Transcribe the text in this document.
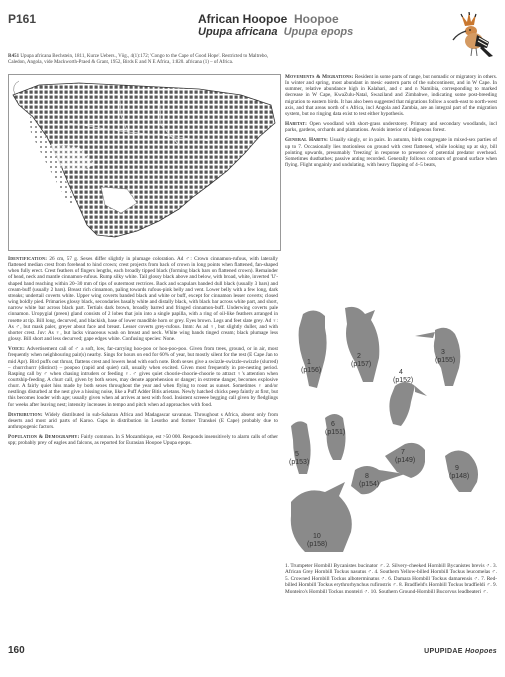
P161	African Hoopoe Hoopoe
Upupa africana Upupa epops
R451 Upupa africana Bechstein, 1811, Kurze Uebers., Vög., 4(1):172; 'Congo to the Cape of Good Hope'. Restricted to Maltrebo, Caledon, Angola, vide Mackworth-Praed & Grant, 1952, Birds E and N E Africa, 1:820. africana (1) – of Africa.

Identification: 26 cm, 57 g. Sexes differ slightly in plumage coloration. Ad ♂: Crown cinnamon-rufous, with laterally flattened median crest from forehead to hind crown; crest projects from back of crown in long points when flattened, fan-shaped when fully erect. Crest feathers of fingers lengths, each broadly tipped black (forming black bars on flattened crown). Remainder of head, neck and mantle cinnamon-rufous. Rump silky white. Tail glossy black above and below, with broad, white, inverted 'U'-shaped band reaching within 20–30 mm of tips of outermost rectrices. Back and scapulars banded dull black (usually 3 bars) and cream-buff (usually 2 bars). Breast rich cinnamon, paling towards rufous-pink belly and vent. Lower belly with a few long, dark streaks; undertail coverts white. Upper wing coverts banded black and white or buff, except for cinnamon lesser coverts; closed wing boldly pied. Primaries glossy black, secondaries basally white and distally black, with black bar across white part, and short, narrow white bar across black part. Tertials dark brown, broadly barred and fringed cinnamon-buff. Underwing coverts pale cinnamon. Uropygial (preen) gland consists of 2 lobes that join into a single papilla, with a ring of oil-like feathers arranged in rosette at tip. Bill long, decurved, and blackish, base of lower mandible horn or grey. Eyes brown. Legs and feet slate grey. Ad ♀: As ♂, but mask paler, greyer about face and breast. Lesser coverts grey-rufous. Imm: As ad ♀, but slightly duller, and with shorter crest. Juv: As ♀, but lacks vinaceous wash on breast and neck. White wing bands tinged cream; black plumage less glossy. Bill short and less decurved; gape edges white. Confusing species: None.

Voice: Advertisement call of ♂ a soft, low, far-carrying hoo-poo or hoo-poo-poo. Given from trees, ground, or in air, most frequently when neighbouring pair(s) nearby. Sings for hours on end for 60% of year, but mostly silent for the rest (E Cape Jan to mid Apr). Bird puffs out throat, flattens crest and lowers head with each note. Both sexes give a swizzle-swizzle-swizzle (slurred) – churrchurrr (distinct) – poopoo (rapid and quiet) call, usually when excited. Given most frequently in pre-nesting period. Rasping call by ♂ when chasing intruders or feeding ♀. ♂ gives quiet choorie-choorie-choorie to attract ♀'s attention when courtship-feeding. A churr call, given by both sexes, may denote apprehension or danger; in extreme danger, becomes explosive churr. A fairly quiet hiss made by both sexes throughout the year and when flying to roost as sunset. Sometimes ♀ and/or nestlings disturbed at the nest give a hissing noise, like a Puff Adder Bitis arietans. Newly hatched chicks peep faintly at first, but this becomes louder with age; usually given when ad arrives at nest with food. Insistent screeee begging call given by fledglings for weeks after leaving nest; intensity increases in tempo and pitch when ad approaches with food.

Distribution: Widely distributed in sub-Saharan Africa and Madagascar savannas. Throughout s Africa, absent only from deserts and most arid parts of Karoo. Gaps in distribution in Lesotho and former Transkei (E Cape) probably due to anthropogenic factors.

Population & Demography: Fairly common. In S Mozambique, est >50 000. Responds insensitively to alarm calls of other spp; probably prey of eagles and falcons, as reported for Eurasian Hoopoe Upupa epops.

Movements & Migrations: Resident in some parts of range, but nomadic or migratory in others. In winter and spring, most abundant in mesic eastern parts of the subcontinent, and in W Cape. In summer, relative abundance high in Kalahari, and c and n Namibia, corresponding to marked decrease in W Cape, KwaZulu-Natal, Swaziland and Zimbabwe, indicating some post-breeding migration to eastern birds. It has also been suggested that migrations follow a south-east to north-west axis, and that areas north of s Africa, incl Angola and Zambia, are an integral part of the migration system, but no ringing data exist to test either hypothesis.

Habitat: Open woodland with short-grass understorey. Primary and secondary woodlands, incl parks, gardens, orchards and plantations. Avoids interior of indigenous forest.

General Habits: Usually singly, or in pairs. In autumn, birds congregate in mixed-sex parties of up to 7. Occasionally lies motionless on ground with crest flattened, while looking up at sky, bill pointing upwards, presumably 'freezing' in response to presence of potential predator overhead. Sometimes dustbathes; passive anting recorded. Generally follows contours of ground surface when flying. Flight ungainly and undulating, with heavy flapping of 4–5 beats,

1 (p156)
2 (p157)
3 (p155)
4 (p152)
5 (p153)
6 (p151)
7 (p149)
8 (p154)
9 (p148)
10 (p158)
1. Trumpeter Hornbill Bycanistes bucinator ♂. 2. Silvery-cheeked Hornbill Bycanistes brevis ♂. 3. African Grey Hornbill Tockus nasutus ♂. 4. Southern Yellow-billed Hornbill Tockus leucomelas ♂. 5. Crowned Hornbill Tockus alboterminatus ♂. 6. Damara Hornbill Tockus damarensis ♂. 7. Red-billed Hornbill Tockus erythrorhynchus rufirostris ♂. 8. Bradfield's Hornbill Tockus bradfieldi ♂. 9. Monteiro's Hornbill Tockus monteiri ♂. 10. Southern Ground-Hornbill Bucorvus leadbeateri ♂.
160	UPUPIDAE Hoopoes
